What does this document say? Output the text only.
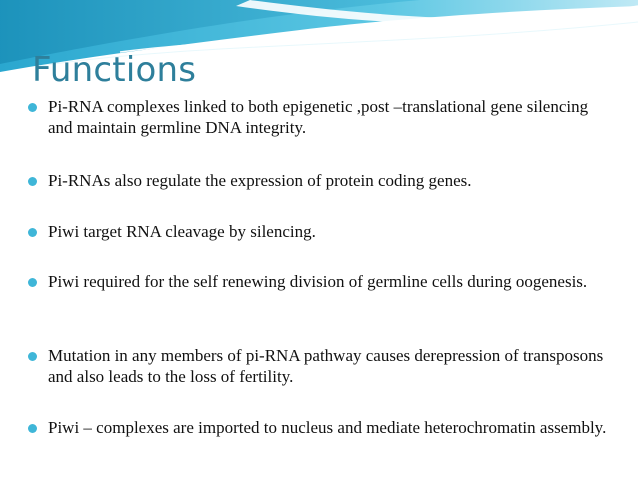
Functions
Pi-RNA complexes linked to both epigenetic ,post –translational gene silencing and maintain germline DNA integrity.
Pi-RNAs also regulate the expression of protein coding genes.
Piwi target RNA cleavage by silencing.
Piwi required for the self renewing division of germline cells during oogenesis.
Mutation in any members of pi-RNA pathway causes derepression of transposons and also leads to the loss of fertility.
Piwi – complexes are imported to nucleus and mediate heterochromatin assembly.
